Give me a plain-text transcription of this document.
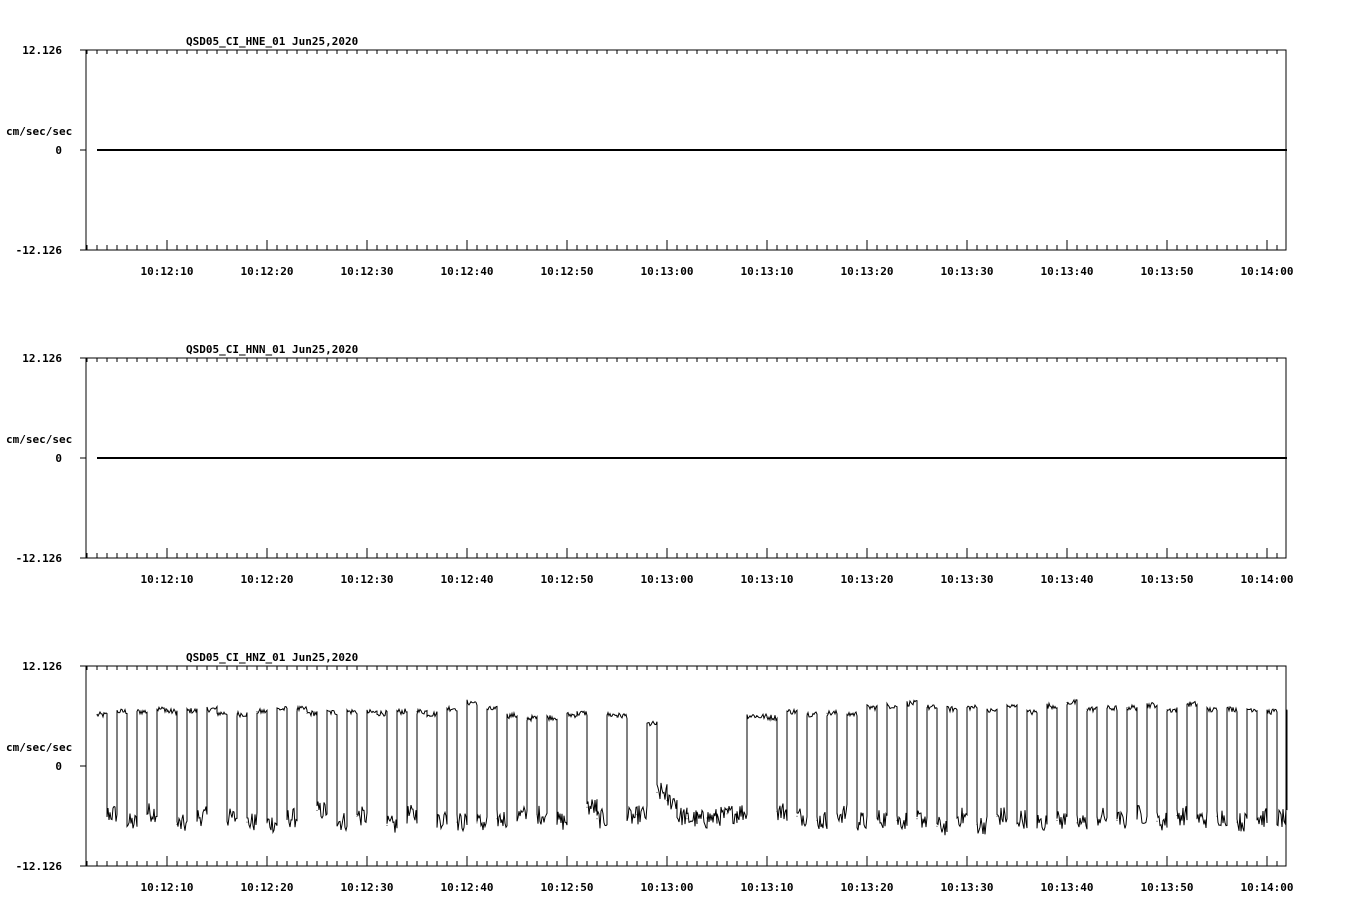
QSD05_CI_HNE_01 Jun25,2020
cm/sec/sec
12.126
0
-12.126
10:12:10	10:12:20	10:12:30	10:12:40	10:12:50	10:13:00	10:13:10	10:13:20	10:13:30	10:13:40	10:13:50	10:14:00
QSD05_CI_HNN_01 Jun25,2020
cm/sec/sec
12.126
0
-12.126
10:12:10	10:12:20	10:12:30	10:12:40	10:12:50	10:13:00	10:13:10	10:13:20	10:13:30	10:13:40	10:13:50	10:14:00
QSD05_CI_HNZ_01 Jun25,2020
cm/sec/sec
12.126
0
-12.126
10:12:10	10:12:20	10:12:30	10:12:40	10:12:50	10:13:00	10:13:10	10:13:20	10:13:30	10:13:40	10:13:50	10:14:00
